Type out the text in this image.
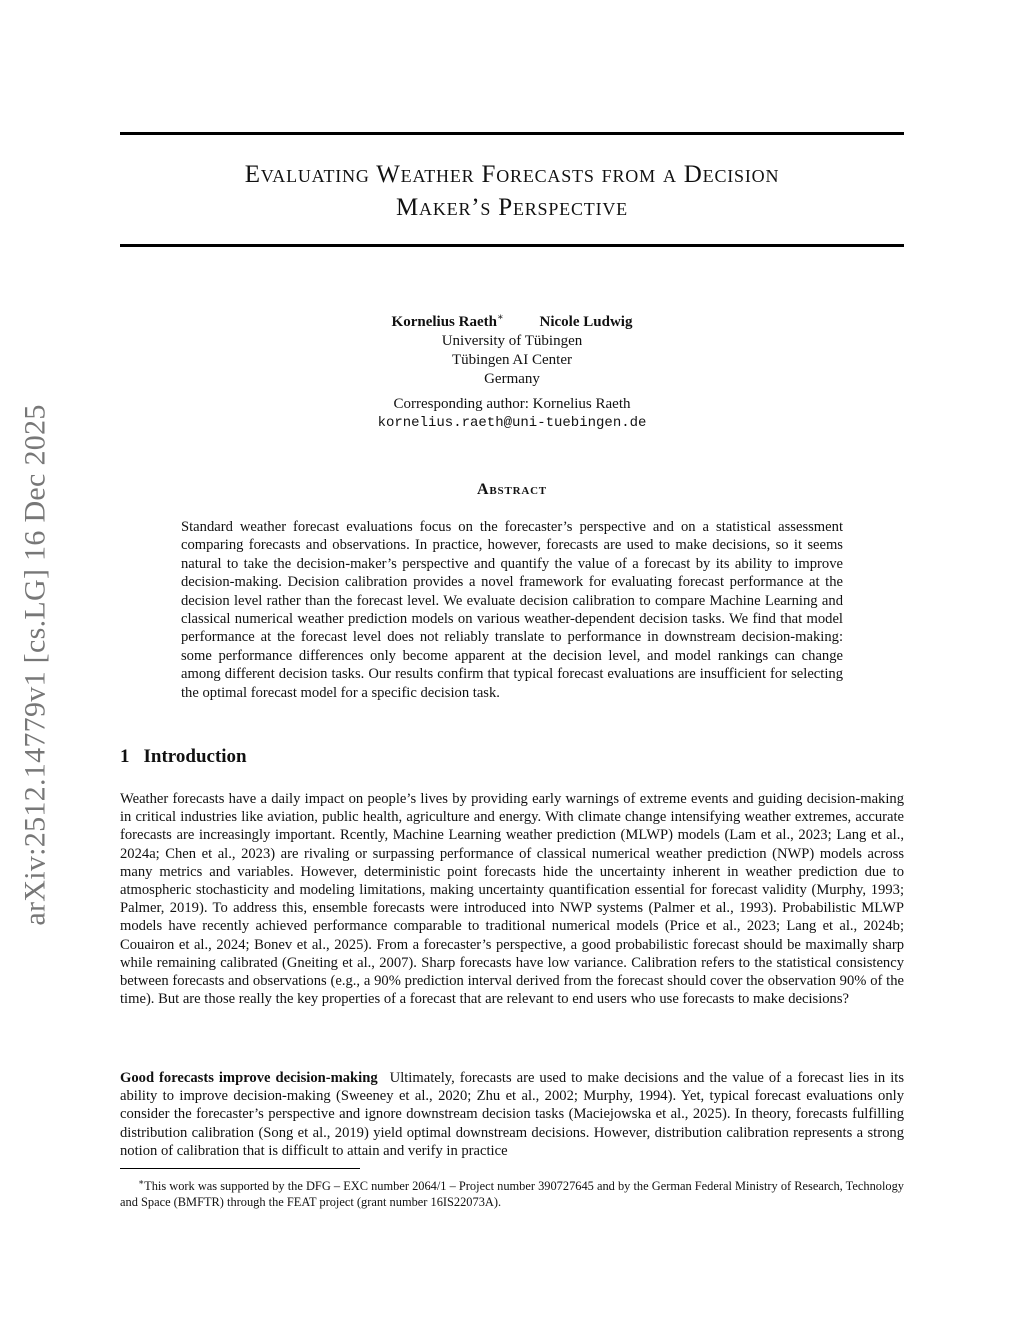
arXiv:2512.14779v1 [cs.LG] 16 Dec 2025
Evaluating Weather Forecasts from a Decision
Maker’s Perspective
Kornelius Raeth∗ Nicole Ludwig
University of Tübingen
Tübingen AI Center
Germany
Corresponding author: Kornelius Raeth
kornelius.raeth@uni-tuebingen.de
Abstract
Standard weather forecast evaluations focus on the forecaster’s perspective and on a statistical assessment comparing forecasts and observations. In practice, however, forecasts are used to make decisions, so it seems natural to take the decision-maker’s perspective and quantify the value of a forecast by its ability to improve decision-making. Decision calibration provides a novel framework for evaluating forecast performance at the decision level rather than the forecast level. We evaluate decision calibration to compare Machine Learning and classical numerical weather prediction models on various weather-dependent decision tasks. We find that model performance at the forecast level does not reliably translate to performance in downstream decision-making: some performance differences only become apparent at the decision level, and model rankings can change among different decision tasks. Our results confirm that typical forecast evaluations are insufficient for selecting the optimal forecast model for a specific decision task.
1 Introduction
Weather forecasts have a daily impact on people’s lives by providing early warnings of extreme events and guiding decision-making in critical industries like aviation, public health, agriculture and energy. With climate change intensifying weather extremes, accurate forecasts are increasingly important. Rcently, Machine Learning weather prediction (MLWP) models (Lam et al., 2023; Lang et al., 2024a; Chen et al., 2023) are rivaling or surpassing performance of classical numerical weather prediction (NWP) models across many metrics and variables. However, deterministic point forecasts hide the uncertainty inherent in weather prediction due to atmospheric stochasticity and modeling limitations, making uncertainty quantification essential for forecast validity (Murphy, 1993; Palmer, 2019). To address this, ensemble forecasts were introduced into NWP systems (Palmer et al., 1993). Probabilistic MLWP models have recently achieved performance comparable to traditional numerical models (Price et al., 2023; Lang et al., 2024b; Couairon et al., 2024; Bonev et al., 2025). From a forecaster’s perspective, a good probabilistic forecast should be maximally sharp while remaining calibrated (Gneiting et al., 2007). Sharp forecasts have low variance. Calibration refers to the statistical consistency between forecasts and observations (e.g., a 90% prediction interval derived from the forecast should cover the observation 90% of the time). But are those really the key properties of a forecast that are relevant to end users who use forecasts to make decisions?
Good forecasts improve decision-making Ultimately, forecasts are used to make decisions and the value of a forecast lies in its ability to improve decision-making (Sweeney et al., 2020; Zhu et al., 2002; Murphy, 1994). Yet, typical forecast evaluations only consider the forecaster’s perspective and ignore downstream decision tasks (Maciejowska et al., 2025). In theory, forecasts fulfilling distribution calibration (Song et al., 2019) yield optimal downstream decisions. However, distribution calibration represents a strong notion of calibration that is difficult to attain and verify in practice
∗This work was supported by the DFG – EXC number 2064/1 – Project number 390727645 and by the German Federal Ministry of Research, Technology and Space (BMFTR) through the FEAT project (grant number 16IS22073A).
